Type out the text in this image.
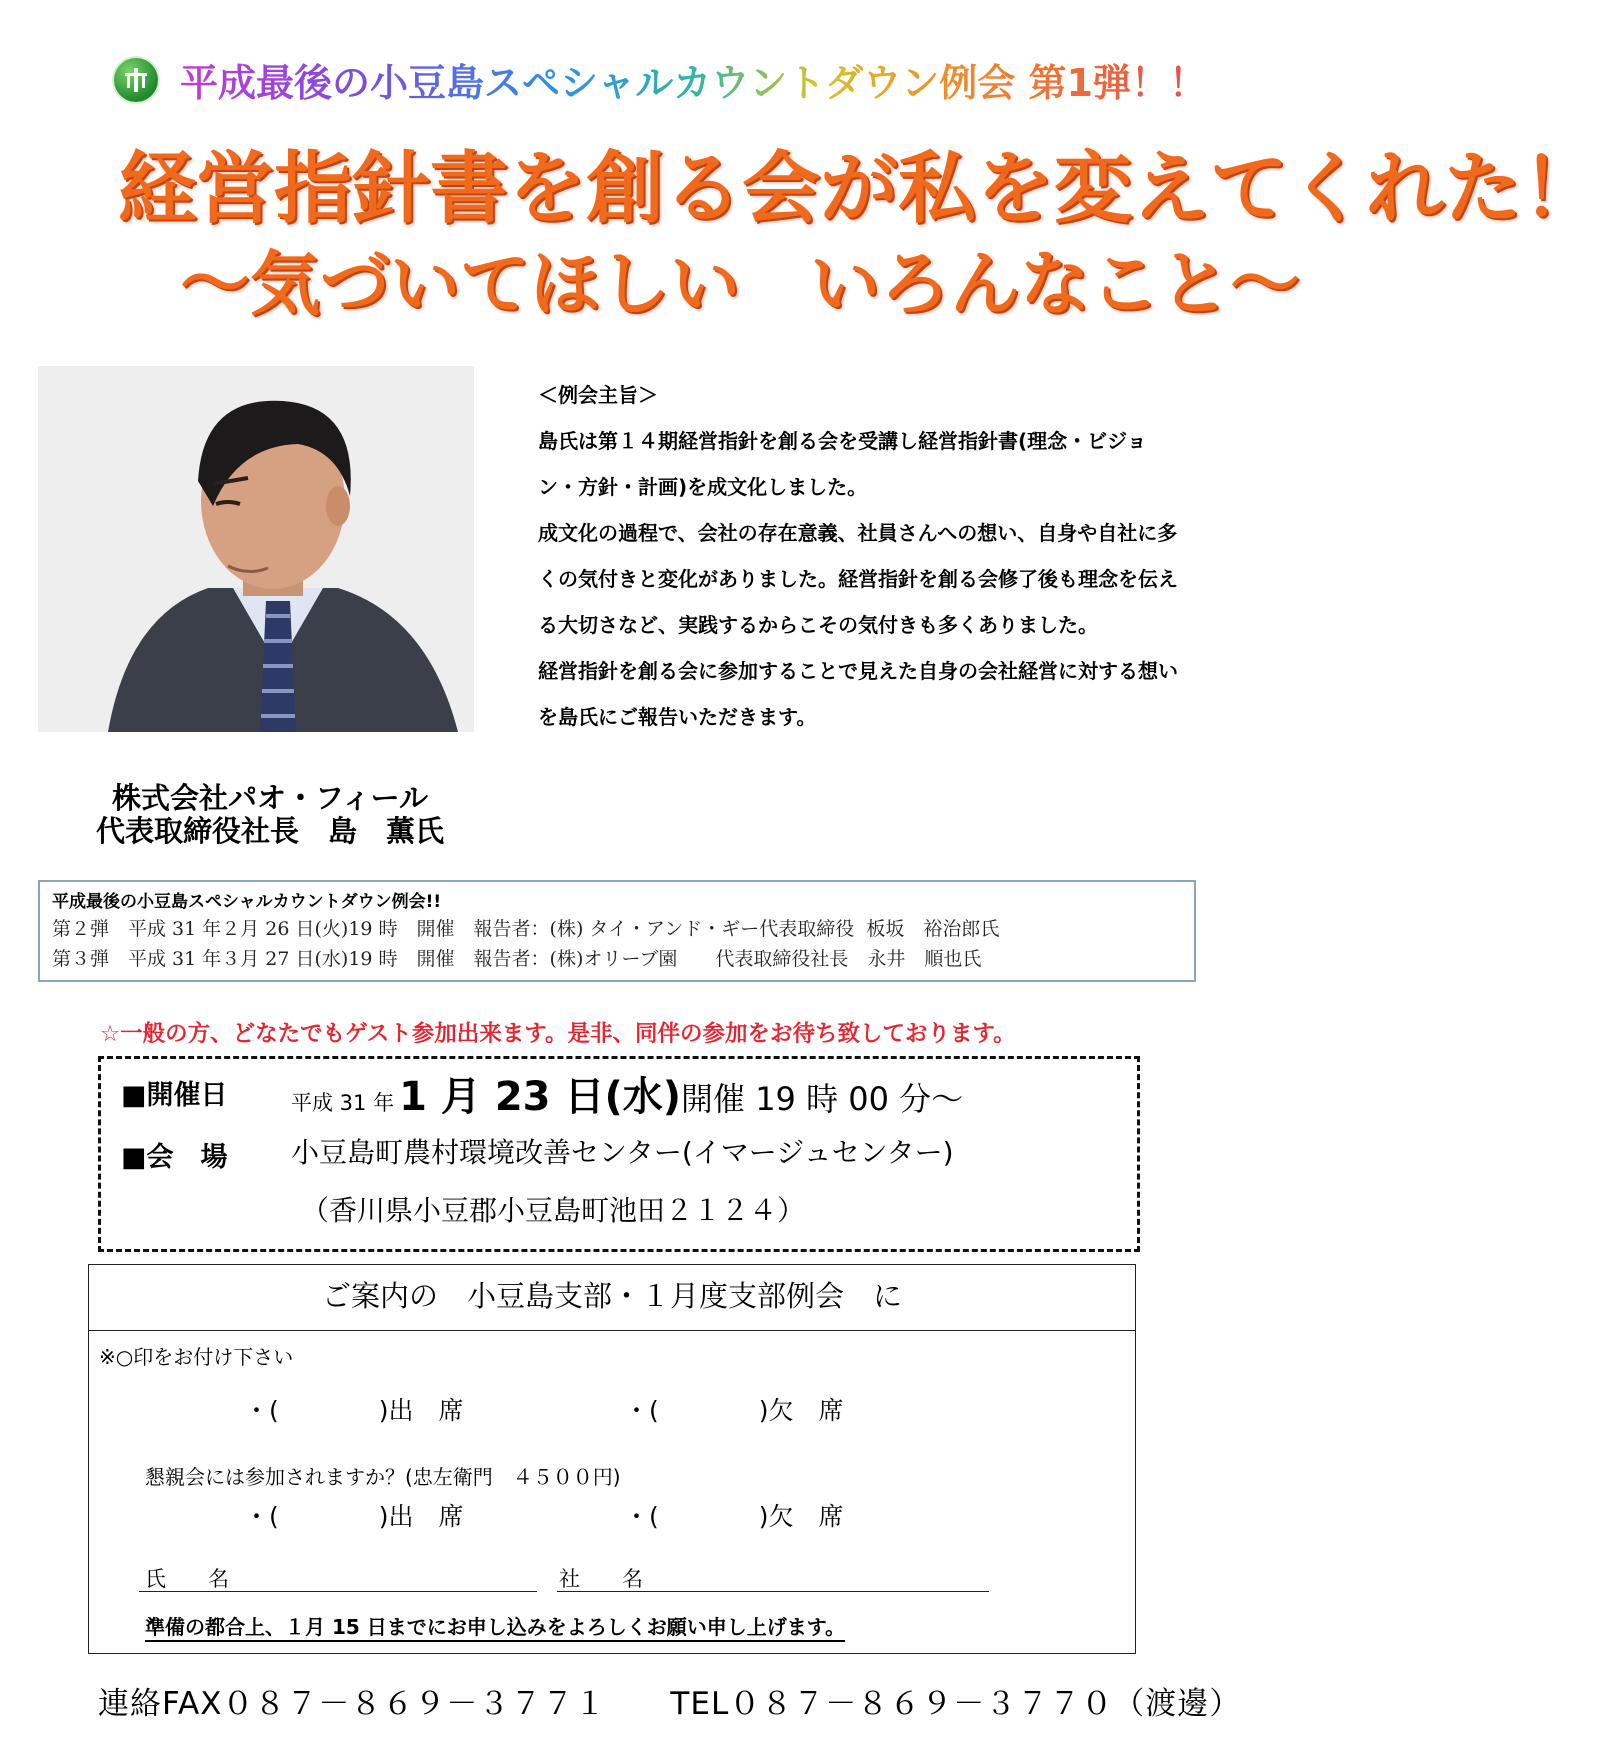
平成最後の小豆島スペシャルカウントダウン例会 第1弾！！
経営指針書を創る会が私を変えてくれた！
～気づいてほしい　いろんなこと～
株式会社パオ・フィール
代表取締役社長　島　薫氏

＜例会主旨＞

島氏は第１４期経営指針を創る会を受講し経営指針書(理念・ビジョン・方針・計画)を成文化しました。

成文化の過程で、会社の存在意義、社員さんへの想い、自身や自社に多くの気付きと変化がありました。経営指針を創る会修了後も理念を伝える大切さなど、実践するからこその気付きも多くありました。

経営指針を創る会に参加することで見えた自身の会社経営に対する想いを島氏にご報告いただきます。

平成最後の小豆島スペシャルカウントダウン例会!!
第２弾　平成 31 年２月 26 日(火)19 時　開催　報告者：(株) タイ・アンド・ギー代表取締役  板坂　裕治郎氏
第３弾　平成 31 年３月 27 日(水)19 時　開催　報告者：(株)オリーブ園　　代表取締役社長　永井　順也氏
☆一般の方、どなたでもゲスト参加出来ます。是非、同伴の参加をお待ち致しております。
■開催日	平成 31 年 1 月 23 日(水)開催 19 時 00 分～
■会　場 小豆島町農村環境改善センター(イマージュセンター)
（香川県小豆郡小豆島町池田２１２４）
ご案内の　小豆島支部・１月度支部例会　に
※○印をお付け下さい
・(　　　　)出　席	・(　　　　)欠　席
懇親会には参加されますか？(忠左衛門　４５００円)
・(　　　　)出　席	・(　　　　)欠　席
氏　　名	社　　名
準備の都合上、１月 15 日までにお申し込みをよろしくお願い申し上げます。
連絡FAX０８７－８６９－３７７１　　TEL０８７－８６９－３７７０（渡邊）
